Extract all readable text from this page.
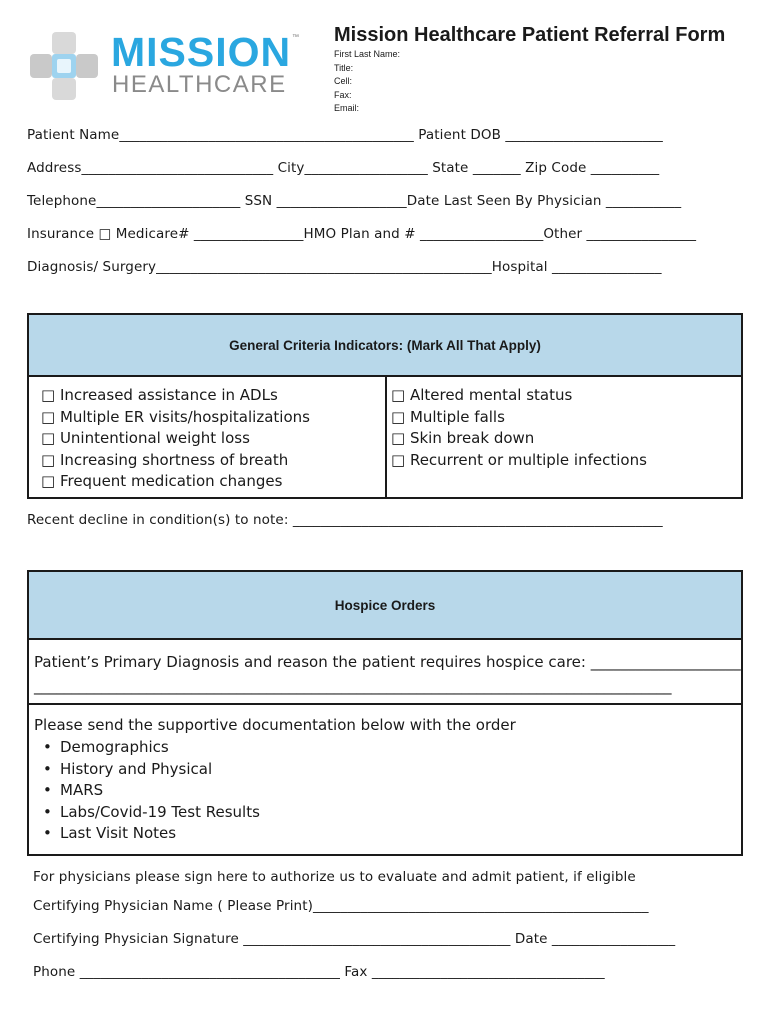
MISSION ™
HEALTHCARE
Mission Healthcare Patient Referral Form
First Last Name:
Title:
Cell:
Fax:
Email:
Patient Name___________________________________________ Patient DOB _______________________
Address____________________________ City__________________ State _______ Zip Code __________
Telephone_____________________ SSN ___________________Date Last Seen By Physician ___________
Insurance □ Medicare# ________________HMO Plan and # __________________Other ________________
Diagnosis/ Surgery_________________________________________________Hospital ________________
General Criteria Indicators: (Mark All That Apply)
□ Increased assistance in ADLs
□ Multiple ER visits/hospitalizations
□ Unintentional weight loss
□ Increasing shortness of breath
□ Frequent medication changes
□ Altered mental status
□ Multiple falls
□ Skin break down
□ Recurrent or multiple infections
Recent decline in condition(s) to note: ______________________________________________________
Hospice Orders
Patient’s Primary Diagnosis and reason the patient requires hospice care: ____________________
_____________________________________________________________________________________
Please send the supportive documentation below with the order
• Demographics
• History and Physical
• MARS
• Labs/Covid-19 Test Results
• Last Visit Notes
For physicians please sign here to authorize us to evaluate and admit patient, if eligible
Certifying Physician Name ( Please Print)_________________________________________________
Certifying Physician Signature _______________________________________ Date __________________
Phone ______________________________________ Fax __________________________________
